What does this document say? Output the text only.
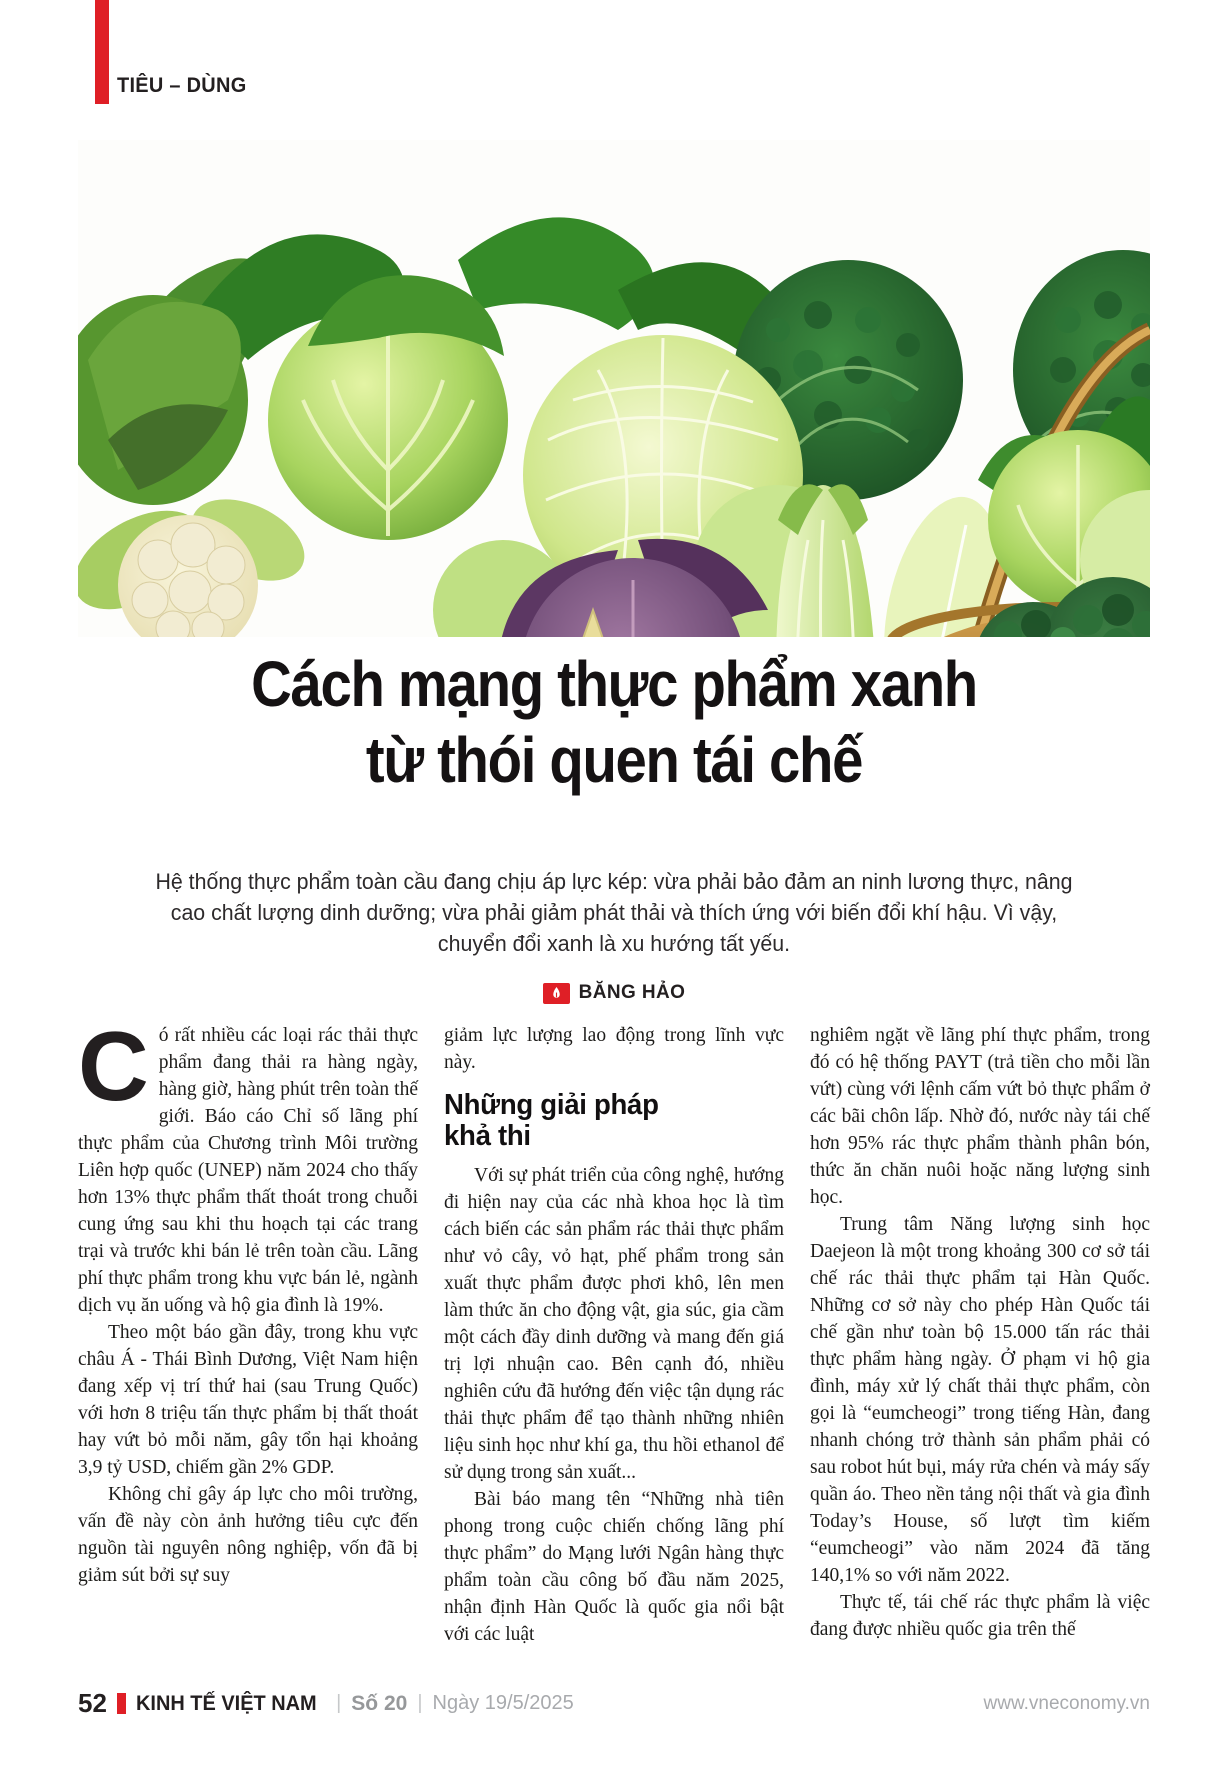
TIÊU – DÙNG
Cách mạng thực phẩm xanh
từ thói quen tái chế

Hệ thống thực phẩm toàn cầu đang chịu áp lực kép: vừa phải bảo đảm an ninh lương thực, nâng cao chất lượng dinh dưỡng; vừa phải giảm phát thải và thích ứng với biến đổi khí hậu. Vì vậy, chuyển đổi xanh là xu hướng tất yếu.

BĂNG HẢO

Có rất nhiều các loại rác thải thực phẩm đang thải ra hàng ngày, hàng giờ, hàng phút trên toàn thế giới. Báo cáo Chỉ số lãng phí thực phẩm của Chương trình Môi trường Liên hợp quốc (UNEP) năm 2024 cho thấy hơn 13% thực phẩm thất thoát trong chuỗi cung ứng sau khi thu hoạch tại các trang trại và trước khi bán lẻ trên toàn cầu. Lãng phí thực phẩm trong khu vực bán lẻ, ngành dịch vụ ăn uống và hộ gia đình là 19%.

Theo một báo gần đây, trong khu vực châu Á - Thái Bình Dương, Việt Nam hiện đang xếp vị trí thứ hai (sau Trung Quốc) với hơn 8 triệu tấn thực phẩm bị thất thoát hay vứt bỏ mỗi năm, gây tổn hại khoảng 3,9 tỷ USD, chiếm gần 2% GDP.

Không chỉ gây áp lực cho môi trường, vấn đề này còn ảnh hưởng tiêu cực đến nguồn tài nguyên nông nghiệp, vốn đã bị giảm sút bởi sự suy

giảm lực lượng lao động trong lĩnh vực này.

Những giải pháp khả thi

Với sự phát triển của công nghệ, hướng đi hiện nay của các nhà khoa học là tìm cách biến các sản phẩm rác thải thực phẩm như vỏ cây, vỏ hạt, phế phẩm trong sản xuất thực phẩm được phơi khô, lên men làm thức ăn cho động vật, gia súc, gia cầm một cách đầy dinh dưỡng và mang đến giá trị lợi nhuận cao. Bên cạnh đó, nhiều nghiên cứu đã hướng đến việc tận dụng rác thải thực phẩm để tạo thành những nhiên liệu sinh học như khí ga, thu hồi ethanol để sử dụng trong sản xuất...

Bài báo mang tên “Những nhà tiên phong trong cuộc chiến chống lãng phí thực phẩm” do Mạng lưới Ngân hàng thực phẩm toàn cầu công bố đầu năm 2025, nhận định Hàn Quốc là quốc gia nổi bật với các luật

nghiêm ngặt về lãng phí thực phẩm, trong đó có hệ thống PAYT (trả tiền cho mỗi lần vứt) cùng với lệnh cấm vứt bỏ thực phẩm ở các bãi chôn lấp. Nhờ đó, nước này tái chế hơn 95% rác thực phẩm thành phân bón, thức ăn chăn nuôi hoặc năng lượng sinh học.

Trung tâm Năng lượng sinh học Daejeon là một trong khoảng 300 cơ sở tái chế rác thải thực phẩm tại Hàn Quốc. Những cơ sở này cho phép Hàn Quốc tái chế gần như toàn bộ 15.000 tấn rác thải thực phẩm hàng ngày. Ở phạm vi hộ gia đình, máy xử lý chất thải thực phẩm, còn gọi là “eumcheogi” trong tiếng Hàn, đang nhanh chóng trở thành sản phẩm phải có sau robot hút bụi, máy rửa chén và máy sấy quần áo. Theo nền tảng nội thất và gia đình Today’s House, số lượt tìm kiếm “eumcheogi” vào năm 2024 đã tăng 140,1% so với năm 2022.

Thực tế, tái chế rác thực phẩm là việc đang được nhiều quốc gia trên thế

52 KINH TẾ VIỆT NAM | Số 20 | Ngày 19/5/2025	www.vneconomy.vn
